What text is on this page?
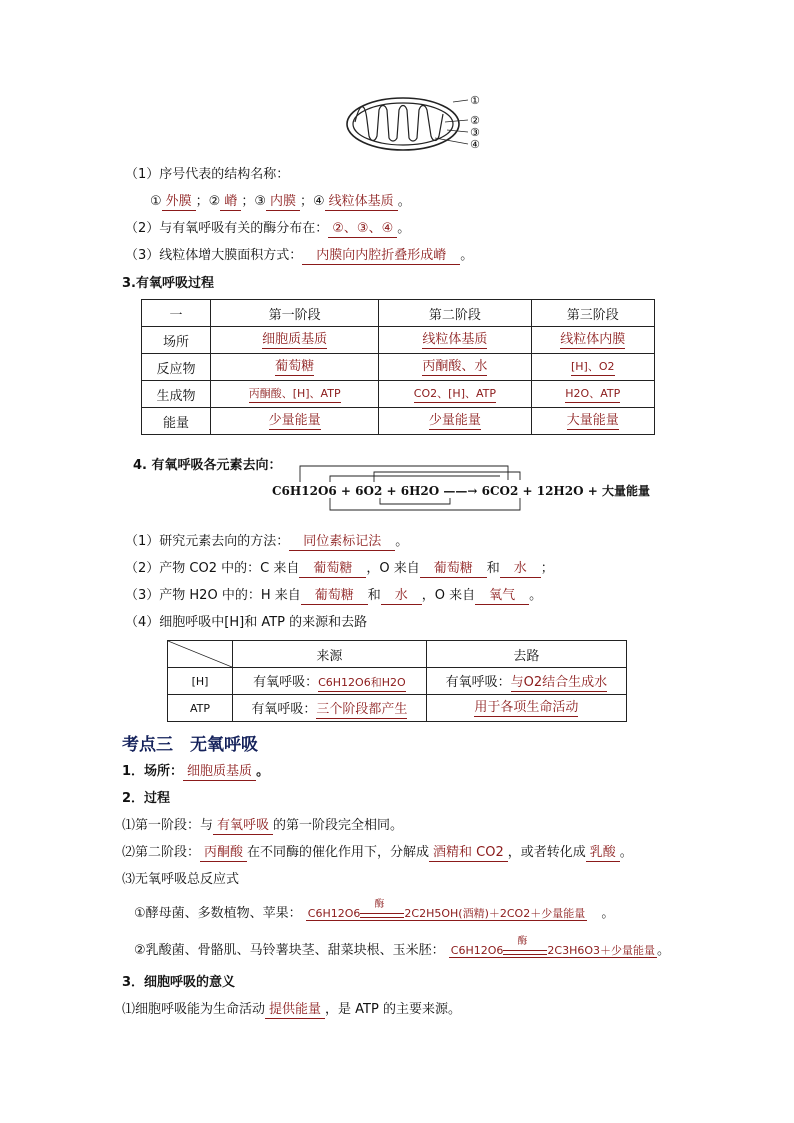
①
②
③
④
（1）序号代表的结构名称：
① 外膜 ；② 嵴 ；③ 内膜 ；④ 线粒体基质 。
（2）与有氧呼吸有关的酶分布在： ②、③、④ 。
（3）线粒体增大膜面积方式： 内膜向内腔折叠形成嵴 。
3.有氧呼吸过程
一	第一阶段	第二阶段	第三阶段
场所	细胞质基质	线粒体基质	线粒体内膜
反应物	葡萄糖	丙酮酸、水	[H]、O2
生成物	丙酮酸、[H]、ATP	CO2、[H]、ATP	H2O、ATP
能量	少量能量	少量能量	大量能量
4. 有氧呼吸各元素去向：
C6H12O6 + 6O2 + 6H2O ——→ 6CO2 + 12H2O + 大量能量
（1）研究元素去向的方法： 同位素标记法 。
（2）产物 CO2 中的：C 来自 葡萄糖 ，O 来自 葡萄糖 和 水 ；
（3）产物 H2O 中的：H 来自 葡萄糖 和 水 ，O 来自 氧气 。
（4）细胞呼吸中[H]和 ATP 的来源和去路
	来源	去路
[H]	有氧呼吸：C6H12O6和H2O	有氧呼吸：与O2结合生成水
ATP	有氧呼吸：三个阶段都产生	用于各项生命活动
考点三　无氧呼吸
1．场所： 细胞质基质 。
2．过程
⑴第一阶段：与 有氧呼吸 的第一阶段完全相同。
⑵第二阶段： 丙酮酸 在不同酶的催化作用下，分解成 酒精和 CO2 ，或者转化成 乳酸 。
⑶无氧呼吸总反应式
①酵母菌、多数植物、苹果： C6H12O6
酶
2C2H5OH(酒精)＋2CO2＋少量能量 。
②乳酸菌、骨骼肌、马铃薯块茎、甜菜块根、玉米胚： C6H12O6
酶
2C3H6O3＋少量能量 。
3．细胞呼吸的意义
⑴细胞呼吸能为生命活动 提供能量 ，是 ATP 的主要来源。
